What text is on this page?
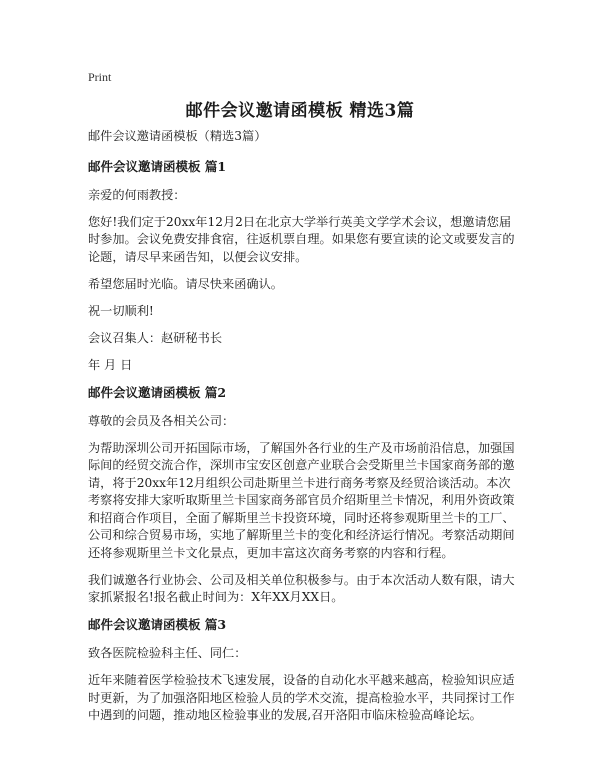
Print
邮件会议邀请函模板 精选3篇

邮件会议邀请函模板（精选3篇）

邮件会议邀请函模板 篇1

亲爱的何雨教授：

您好!我们定于20xx年12月2日在北京大学举行英美文学学术会议，想邀请您届时参加。会议免费安排食宿，往返机票自理。如果您有要宣读的论文或要发言的论题，请尽早来函告知，以便会议安排。

希望您届时光临。请尽快来函确认。

祝一切顺利!

会议召集人：赵研秘书长

年 月 日

邮件会议邀请函模板 篇2

尊敬的会员及各相关公司：

为帮助深圳公司开拓国际市场，了解国外各行业的生产及市场前沿信息，加强国际间的经贸交流合作，深圳市宝安区创意产业联合会受斯里兰卡国家商务部的邀请，将于20xx年12月组织公司赴斯里兰卡进行商务考察及经贸洽谈活动。本次考察将安排大家听取斯里兰卡国家商务部官员介绍斯里兰卡情况，利用外资政策和招商合作项目，全面了解斯里兰卡投资环境，同时还将参观斯里兰卡的工厂、公司和综合贸易市场，实地了解斯里兰卡的变化和经济运行情况。考察活动期间还将参观斯里兰卡文化景点，更加丰富这次商务考察的内容和行程。

我们诚邀各行业协会、公司及相关单位积极参与。由于本次活动人数有限，请大家抓紧报名!报名截止时间为：X年XX月XX日。

邮件会议邀请函模板 篇3

致各医院检验科主任、同仁：

近年来随着医学检验技术飞速发展，设备的自动化水平越来越高，检验知识应适时更新，为了加强洛阳地区检验人员的学术交流，提高检验水平，共同探讨工作中遇到的问题，推动地区检验事业的发展,召开洛阳市临床检验高峰论坛。
